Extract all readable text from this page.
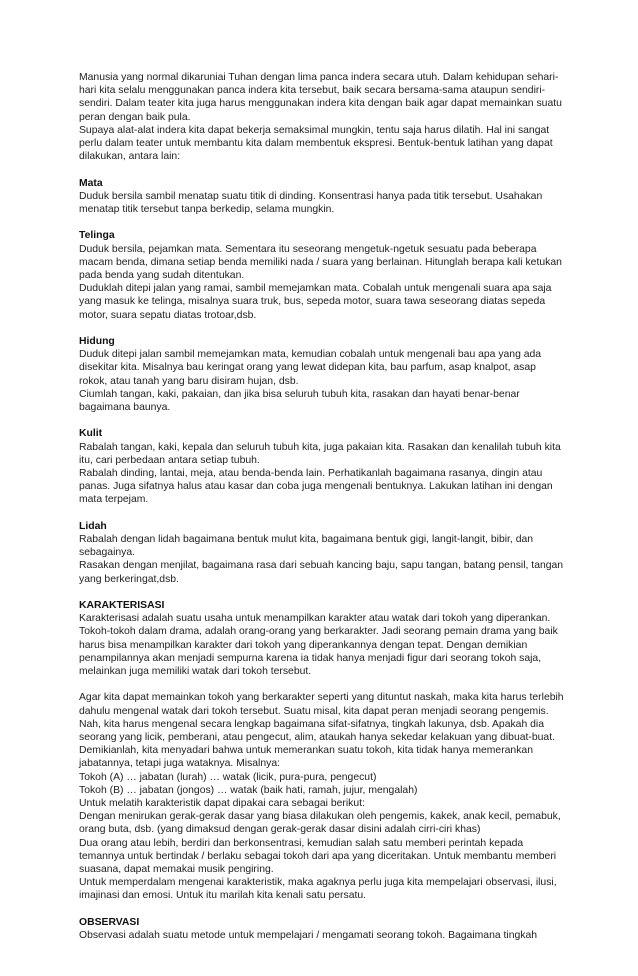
Manusia yang normal dikaruniai Tuhan dengan lima panca indera secara utuh. Dalam kehidupan sehari-hari kita selalu menggunakan panca indera kita tersebut, baik secara bersama-sama ataupun sendiri-sendiri. Dalam teater kita juga harus menggunakan indera kita dengan baik agar dapat memainkan suatu peran dengan baik pula.

Supaya alat-alat indera kita dapat bekerja semaksimal mungkin, tentu saja harus dilatih. Hal ini sangat perlu dalam teater untuk membantu kita dalam membentuk ekspresi. Bentuk-bentuk latihan yang dapat dilakukan, antara lain:

Mata

Duduk bersila sambil menatap suatu titik di dinding. Konsentrasi hanya pada titik tersebut. Usahakan menatap titik tersebut tanpa berkedip, selama mungkin.

Telinga

Duduk bersila, pejamkan mata. Sementara itu seseorang mengetuk-ngetuk sesuatu pada beberapa macam benda, dimana setiap benda memiliki nada / suara yang berlainan. Hitunglah berapa kali ketukan pada benda yang sudah ditentukan.

Duduklah ditepi jalan yang ramai, sambil memejamkan mata. Cobalah untuk mengenali suara apa saja yang masuk ke telinga, misalnya suara truk, bus, sepeda motor, suara tawa seseorang diatas sepeda motor, suara sepatu diatas trotoar,dsb.

Hidung

Duduk ditepi jalan sambil memejamkan mata, kemudian cobalah untuk mengenali bau apa yang ada disekitar kita. Misalnya bau keringat orang yang lewat didepan kita, bau parfum, asap knalpot, asap rokok, atau tanah yang baru disiram hujan, dsb.

Ciumlah tangan, kaki, pakaian, dan jika bisa seluruh tubuh kita, rasakan dan hayati benar-benar bagaimana baunya.

Kulit

Rabalah tangan, kaki, kepala dan seluruh tubuh kita, juga pakaian kita. Rasakan dan kenalilah tubuh kita itu, cari perbedaan antara setiap tubuh.

Rabalah dinding, lantai, meja, atau benda-benda lain. Perhatikanlah bagaimana rasanya, dingin atau panas. Juga sifatnya halus atau kasar dan coba juga mengenali bentuknya. Lakukan latihan ini dengan mata terpejam.

Lidah

Rabalah dengan lidah bagaimana bentuk mulut kita, bagaimana bentuk gigi, langit-langit, bibir, dan sebagainya.

Rasakan dengan menjilat, bagaimana rasa dari sebuah kancing baju, sapu tangan, batang pensil, tangan yang berkeringat,dsb.

KARAKTERISASI

Karakterisasi adalah suatu usaha untuk menampilkan karakter atau watak dari tokoh yang diperankan. Tokoh-tokoh dalam drama, adalah orang-orang yang berkarakter. Jadi seorang pemain drama yang baik harus bisa menampilkan karakter dari tokoh yang diperankannya dengan tepat. Dengan demikian penampilannya akan menjadi sempurna karena ia tidak hanya menjadi figur dari seorang tokoh saja, melainkan juga memiliki watak dari tokoh tersebut.

Agar kita dapat memainkan tokoh yang berkarakter seperti yang dituntut naskah, maka kita harus terlebih dahulu mengenal watak dari tokoh tersebut. Suatu misal, kita dapat peran menjadi seorang pengemis. Nah, kita harus mengenal secara lengkap bagaimana sifat-sifatnya, tingkah lakunya, dsb. Apakah dia seorang yang licik, pemberani, atau pengecut, alim, ataukah hanya sekedar kelakuan yang dibuat-buat.

Demikianlah, kita menyadari bahwa untuk memerankan suatu tokoh, kita tidak hanya memerankan jabatannya, tetapi juga wataknya. Misalnya:

Tokoh (A) … jabatan (lurah) … watak (licik, pura-pura, pengecut)

Tokoh (B) … jabatan (jongos) … watak (baik hati, ramah, jujur, mengalah)

Untuk melatih karakteristik dapat dipakai cara sebagai berikut:

Dengan menirukan gerak-gerak dasar yang biasa dilakukan oleh pengemis, kakek, anak kecil, pemabuk, orang buta, dsb. (yang dimaksud dengan gerak-gerak dasar disini adalah cirri-ciri khas)

Dua orang atau lebih, berdiri dan berkonsentrasi, kemudian salah satu memberi perintah kepada temannya untuk bertindak / berlaku sebagai tokoh dari apa yang diceritakan. Untuk membantu memberi suasana, dapat memakai musik pengiring.

Untuk memperdalam mengenai karakteristik, maka agaknya perlu juga kita mempelajari observasi, ilusi, imajinasi dan emosi. Untuk itu marilah kita kenali satu persatu.

OBSERVASI

Observasi adalah suatu metode untuk mempelajari / mengamati seorang tokoh. Bagaimana tingkah
